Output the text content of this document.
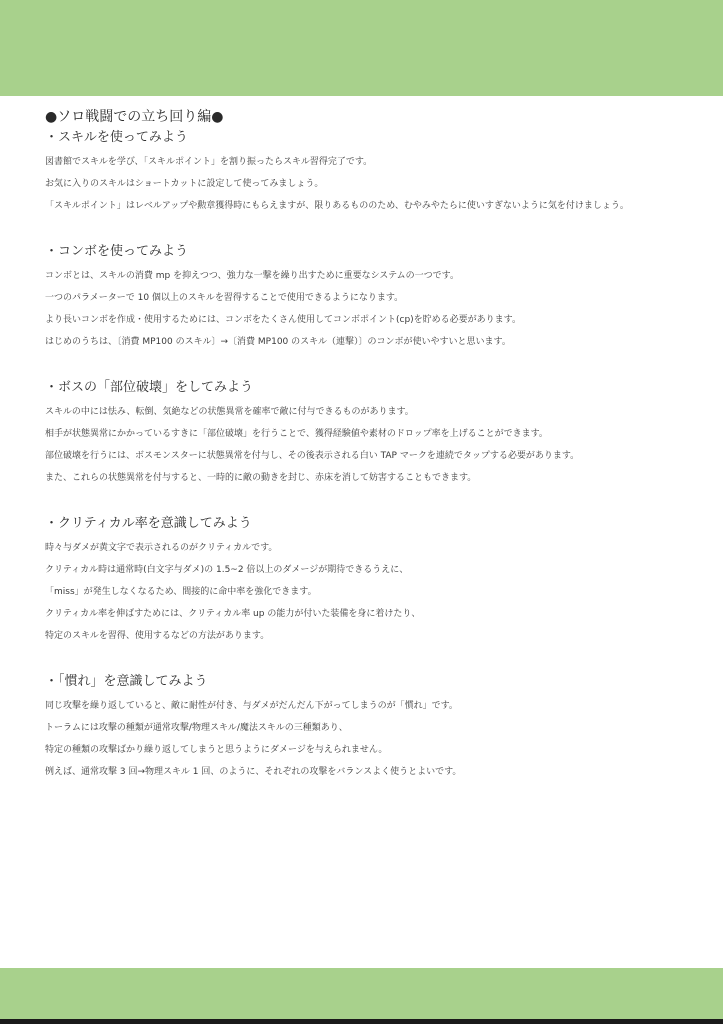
●ソロ戦闘での立ち回り編●
・スキルを使ってみよう

図書館でスキルを学び、「スキルポイント」を割り振ったらスキル習得完了です。

お気に入りのスキルはショートカットに設定して使ってみましょう。

「スキルポイント」はレベルアップや勲章獲得時にもらえますが、限りあるもののため、むやみやたらに使いすぎないように気を付けましょう。

・コンボを使ってみよう

コンボとは、スキルの消費 mp を抑えつつ、強力な一撃を繰り出すために重要なシステムの一つです。

一つのパラメーターで 10 個以上のスキルを習得することで使用できるようになります。

より長いコンボを作成・使用するためには、コンボをたくさん使用してコンボポイント(cp)を貯める必要があります。

はじめのうちは、〔消費 MP100 のスキル〕→〔消費 MP100 のスキル（連撃）〕のコンボが使いやすいと思います。

・ボスの「部位破壊」をしてみよう

スキルの中には怯み、転倒、気絶などの状態異常を確率で敵に付与できるものがあります。

相手が状態異常にかかっているすきに「部位破壊」を行うことで、獲得経験値や素材のドロップ率を上げることができます。

部位破壊を行うには、ボスモンスターに状態異常を付与し、その後表示される白い TAP マークを連続でタップする必要があります。

また、これらの状態異常を付与すると、一時的に敵の動きを封じ、赤床を消して妨害することもできます。

・クリティカル率を意識してみよう

時々与ダメが黄文字で表示されるのがクリティカルです。

クリティカル時は通常時(白文字与ダメ)の 1.5~2 倍以上のダメージが期待できるうえに、

「miss」が発生しなくなるため、間接的に命中率を強化できます。

クリティカル率を伸ばすためには、クリティカル率 up の能力が付いた装備を身に着けたり、

特定のスキルを習得、使用するなどの方法があります。

・「慣れ」を意識してみよう

同じ攻撃を繰り返していると、敵に耐性が付き、与ダメがだんだん下がってしまうのが「慣れ」です。

トーラムには攻撃の種類が通常攻撃/物理スキル/魔法スキルの三種類あり、

特定の種類の攻撃ばかり繰り返してしまうと思うようにダメージを与えられません。

例えば、通常攻撃 3 回→物理スキル 1 回、のように、それぞれの攻撃をバランスよく使うとよいです。
